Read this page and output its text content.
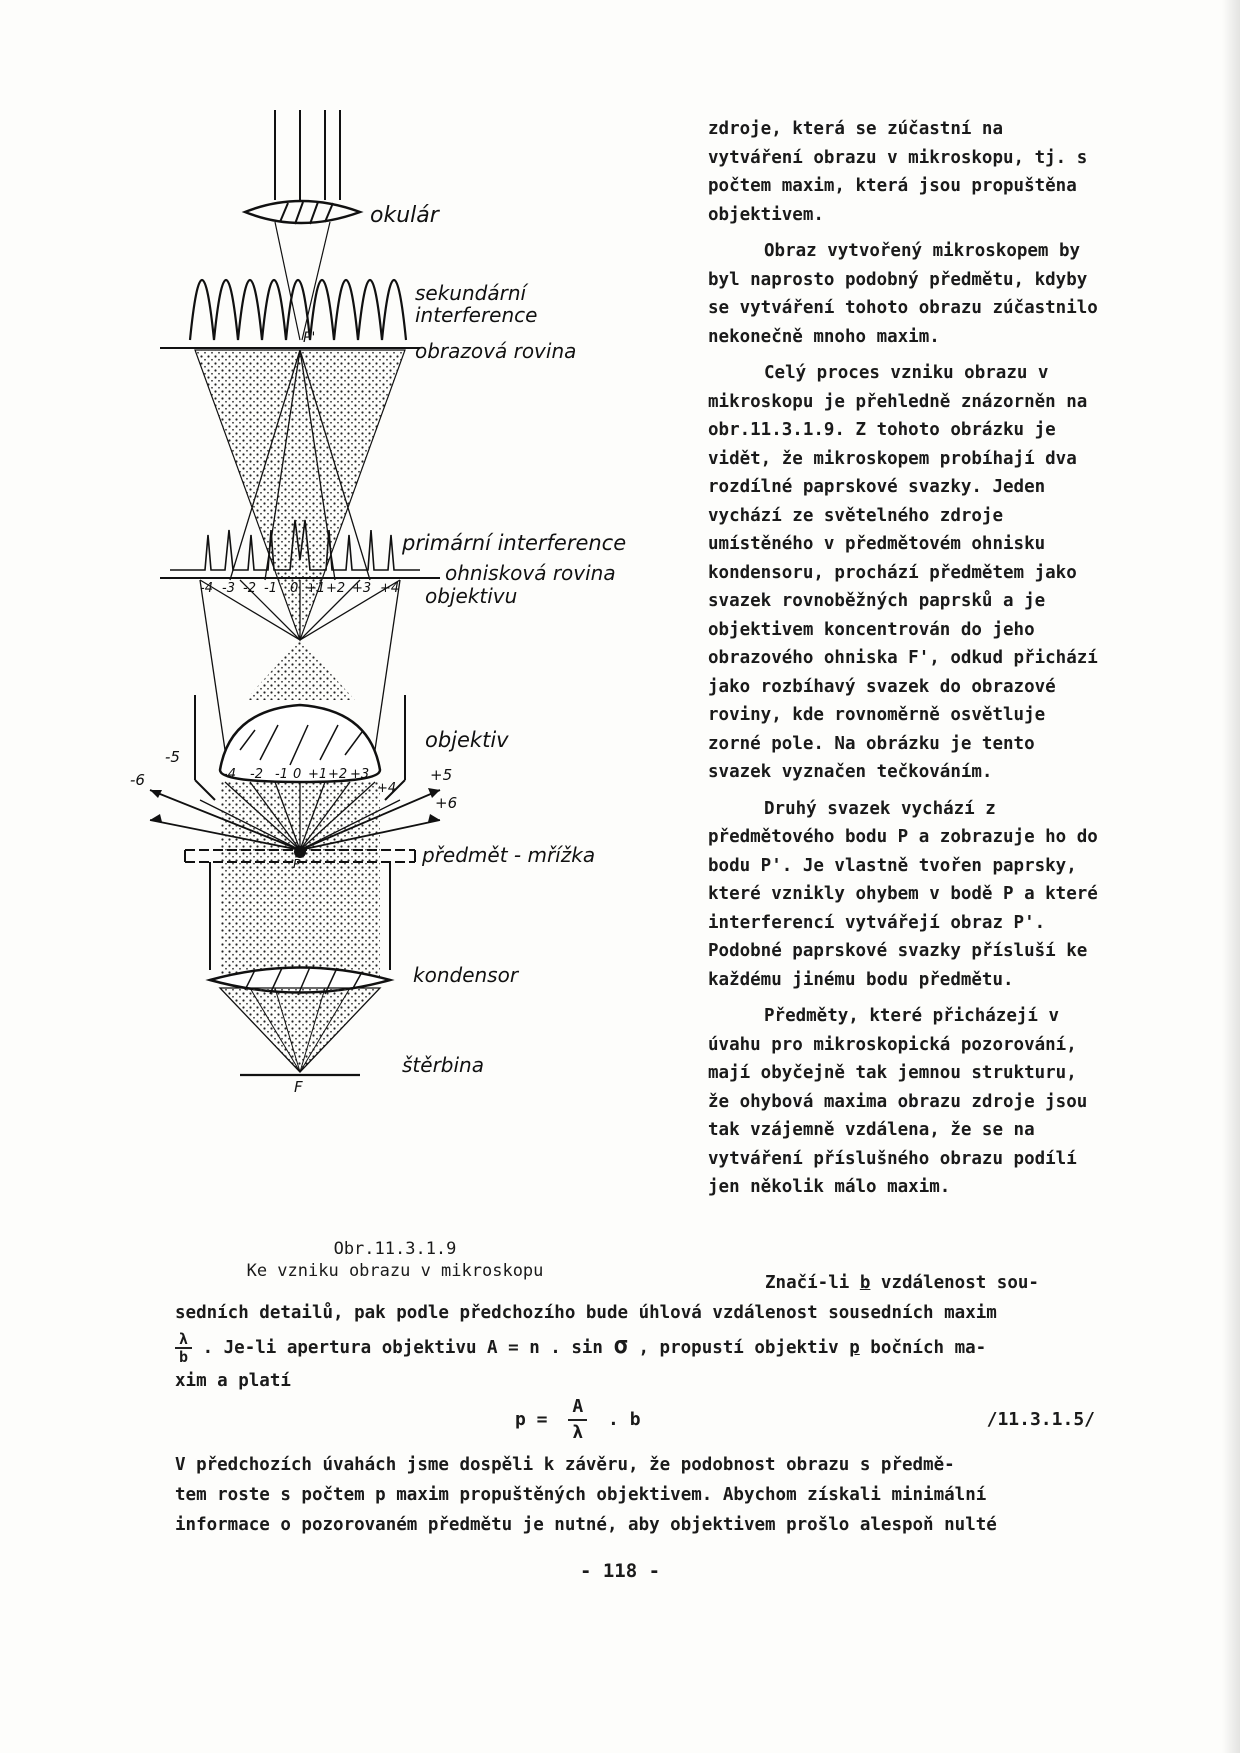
okulár
sekundární
interference
obrazová rovina
P'
primární interference
ohnisková rovina
objektivu
objektiv
předmět - mřížka
P
kondensor
štěrbina
F
-4 -3 -2 -1 0 +1 +2 +3 +4
-4 -2 -1 0 +1 +2 +3
+4
-5
-6	+5
+6
Obr.11.3.1.9
Ke vzniku obrazu v mikroskopu

zdroje, která se zúčastní na vytváření obrazu v mikroskopu, tj. s počtem maxim, která jsou propuštěna objektivem.

Obraz vytvořený mikroskopem by byl naprosto podobný předmětu, kdyby se vytváření tohoto obrazu zúčastnilo nekonečně mnoho maxim.

Celý proces vzniku obrazu v mikroskopu je přehledně znázorněn na obr.11.3.1.9. Z tohoto obrázku je vidět, že mikroskopem probíhají dva rozdílné paprskové svazky. Jeden vychází ze světelného zdroje umístěného v předmětovém ohnisku kondensoru, prochází předmětem jako svazek rovnoběžných paprsků a je objektivem koncentrován do jeho obrazového ohniska F', odkud přichází jako rozbíhavý svazek do obrazové roviny, kde rovnoměrně osvětluje zorné pole. Na obrázku je tento svazek vyznačen tečkováním.

Druhý svazek vychází z předmětového bodu P a zobrazuje ho do bodu P'. Je vlastně tvořen paprsky, které vznikly ohybem v bodě P a které interferencí vytvářejí obraz P'. Podobné paprskové svazky přísluší ke každému jinému bodu předmětu.

Předměty, které přicházejí v úvahu pro mikroskopická pozorování, mají obyčejně tak jemnou strukturu, že ohybová maxima obrazu zdroje jsou tak vzájemně vzdálena, že se na vytváření příslušného obrazu podílí jen několik málo maxim.

Značí-li b vzdálenost sou-
sedních detailů, pak podle předchozího bude úhlová vzdálenost sousedních maxim
$\frac{\lambda}{b}$ . Je-li apertura objektivu A = n . sin σ , propustí objektiv p bočních ma-
xim a platí
$p = \frac{A}{\lambda}$ . b	/11.3.1.5/
V předchozích úvahách jsme dospěli k závěru, že podobnost obrazu s předmě-
tem roste s počtem p maxim propuštěných objektivem. Abychom získali minimální
informace o pozorovaném předmětu je nutné, aby objektivem prošlo alespoň nulté
- 118 -
